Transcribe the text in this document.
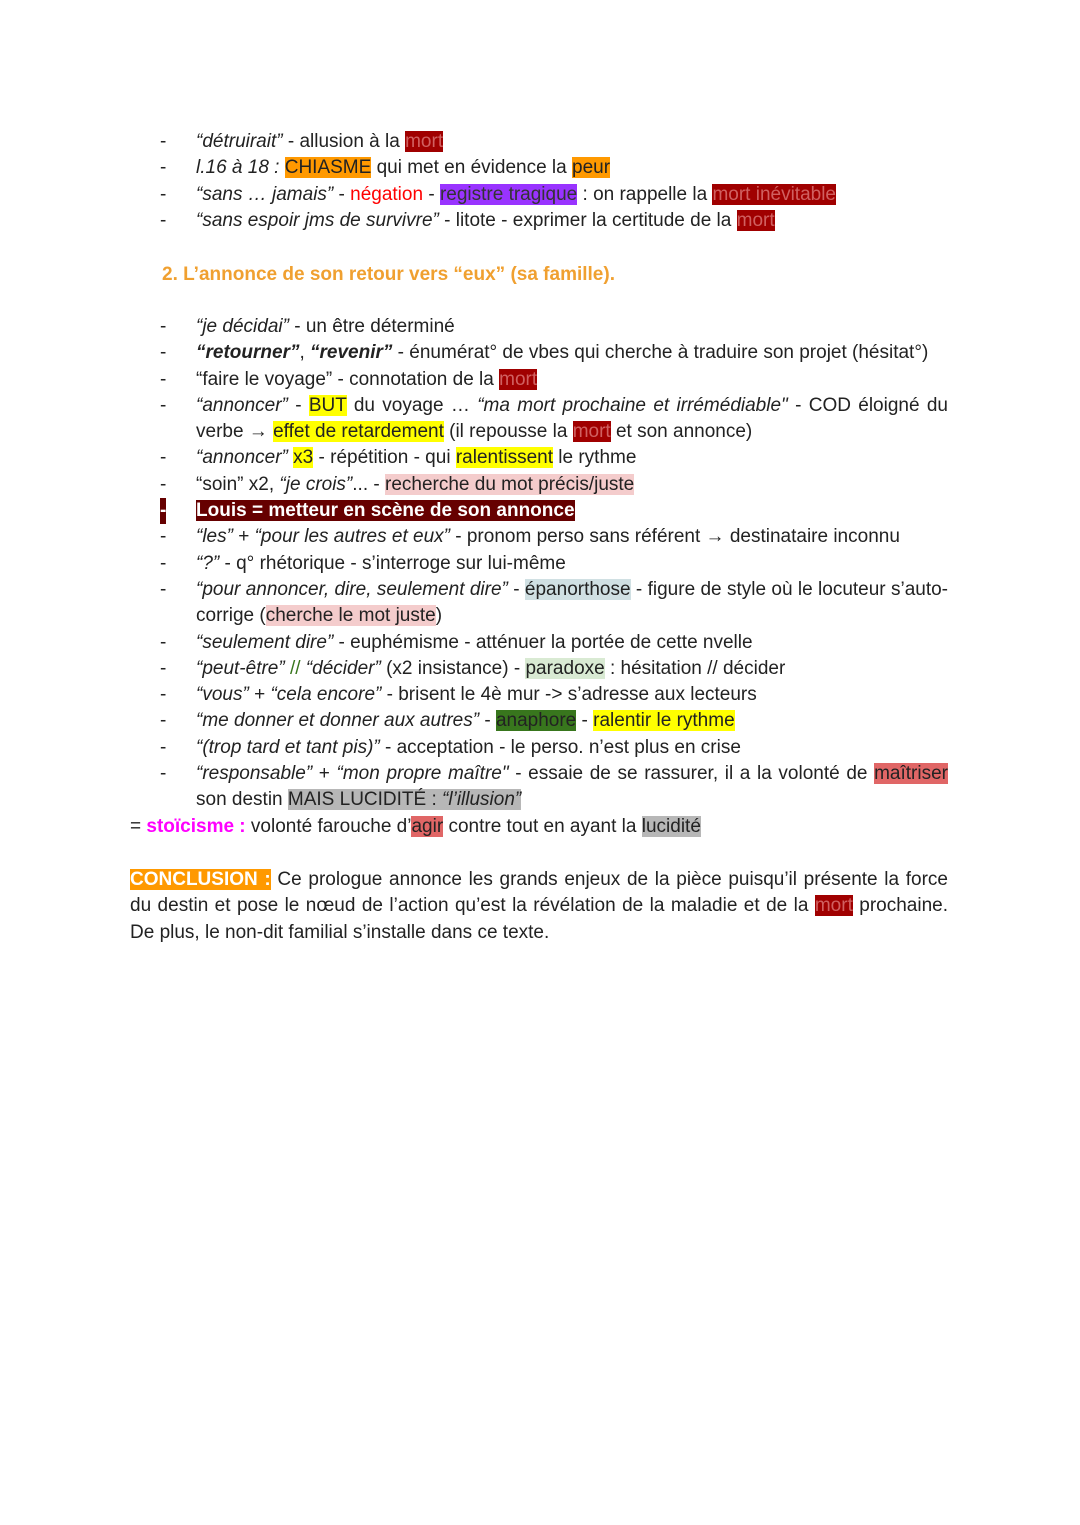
- “détruirait” - allusion à la mort
- l.16 à 18 : CHIASME qui met en évidence la peur
- “sans … jamais” - négation - registre tragique : on rappelle la mort inévitable
- “sans espoir jms de survivre” - litote - exprimer la certitude de la mort
2. L’annonce de son retour vers “eux” (sa famille).
- “je décidai” - un être déterminé
- “retourner”, “revenir” - énumérat° de vbes qui cherche à traduire son projet (hésitat°)
- “faire le voyage” - connotation de la mort
- “annoncer” - BUT du voyage … “ma mort prochaine et irrémédiable" - COD éloigné du verbe → effet de retardement (il repousse la mort et son annonce)
- “annoncer” x3 - répétition - qui ralentissent le rythme
- “soin” x2, “je crois”... - recherche du mot précis/juste
- Louis = metteur en scène de son annonce
- “les” + “pour les autres et eux” - pronom perso sans référent → destinataire inconnu
- “?” - q° rhétorique - s’interroge sur lui-même
- “pour annoncer, dire, seulement dire” - épanorthose - figure de style où le locuteur s’auto-corrige (cherche le mot juste)
- “seulement dire” - euphémisme - atténuer la portée de cette nvelle
- “peut-être” // “décider” (x2 insistance) - paradoxe : hésitation // décider
- “vous” + “cela encore” - brisent le 4è mur -> s’adresse aux lecteurs
- “me donner et donner aux autres” - anaphore - ralentir le rythme
- “(trop tard et tant pis)” - acceptation - le perso. n’est plus en crise
- “responsable” + “mon propre maître" - essaie de se rassurer, il a la volonté de maîtriser son destin MAIS LUCIDITÉ : “l’illusion”
= stoïcisme : volonté farouche d’agir contre tout en ayant la lucidité
CONCLUSION : Ce prologue annonce les grands enjeux de la pièce puisqu’il présente la force du destin et pose le nœud de l’action qu’est la révélation de la maladie et de la mort prochaine. De plus, le non-dit familial s’installe dans ce texte.
